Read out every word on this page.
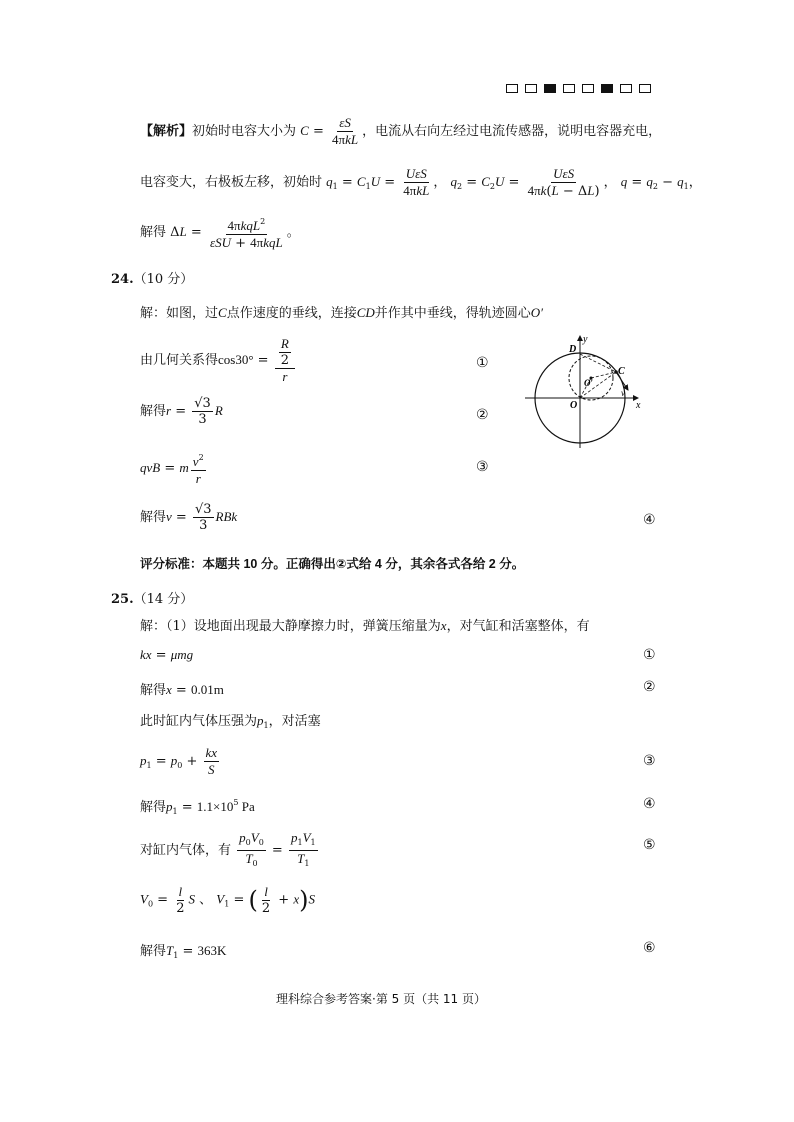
【解析】初始时电容大小为 $C = \frac{\varepsilon S}{\text{4πkL}}$ ，电流从右向左经过电流传感器，说明电容器充电，
电容变大，右极板左移，初始时 $q_1 = C_1U = \frac{\text{UεS}}{\text{4πkL}}$ ， $q_2 = C_2U = \frac{\text{UεS}}{4\pi k(L - \Delta L)}$ ， $q = q_2 - q_1$，
解得 $\Delta L = \frac{4\pi kqL^2}{\text{εSU + 4πkqL}}$ 。
24.（10 分）
解：如图，过C点作速度的垂线，连接CD并作其中垂线，得轨迹圆心O′
由几何关系得$\cos 30^\circ = \frac{\frac{R}{2}}{r}$	①
解得$r = \frac{√3}{3}$ R	②
qvB = m $\frac{v^2}{r}$	③
解得$v = \frac{√3}{3}$ RBk	④
y
x
D
C
O
O′
v
评分标准：本题共 10 分。正确得出②式给 4 分，其余各式各给 2 分。
25.（14 分）
解：（1）设地面出现最大静摩擦力时，弹簧压缩量为x，对气缸和活塞整体，有
kx = μmg	①
解得x = 0.01m	②
此时缸内气体压强为$p_1$，对活塞
$p_1 = p_0 + \frac{kx}{S}$	③
解得$p_1 = 1.1\times 10^5$ Pa	④
对缸内气体，有 $\frac{p_0V_0}{T_0} = \frac{p_1V_1}{T_1}$	⑤
$V_0 = \frac{l}{2}$ S 、 $V_1$ = ( $\frac{l}{2} + x)S$
解得$T_1 = 363K$	⑥
理科综合参考答案·第 5 页（共 11 页）
